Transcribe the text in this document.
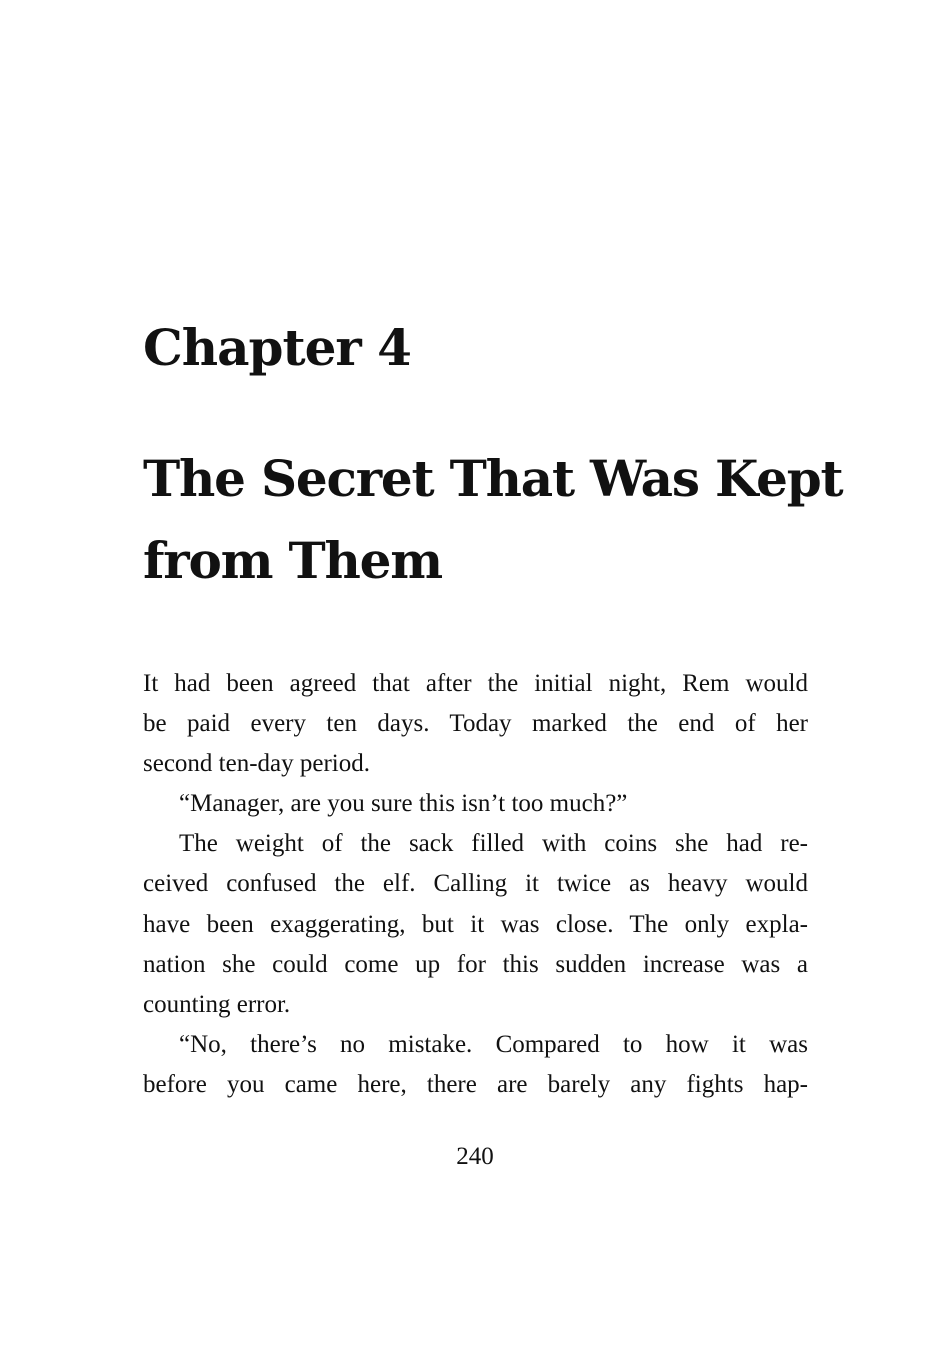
Chapter 4
The Secret That Was Kept
from Them
It had been agreed that after the initial night, Rem would
be paid every ten days. Today marked the end of her
second ten-day period.
“Manager, are you sure this isn’t too much?”
The weight of the sack filled with coins she had re-
ceived confused the elf. Calling it twice as heavy would
have been exaggerating, but it was close. The only expla-
nation she could come up for this sudden increase was a
counting error.
“No, there’s no mistake. Compared to how it was
before you came here, there are barely any fights hap-
240
